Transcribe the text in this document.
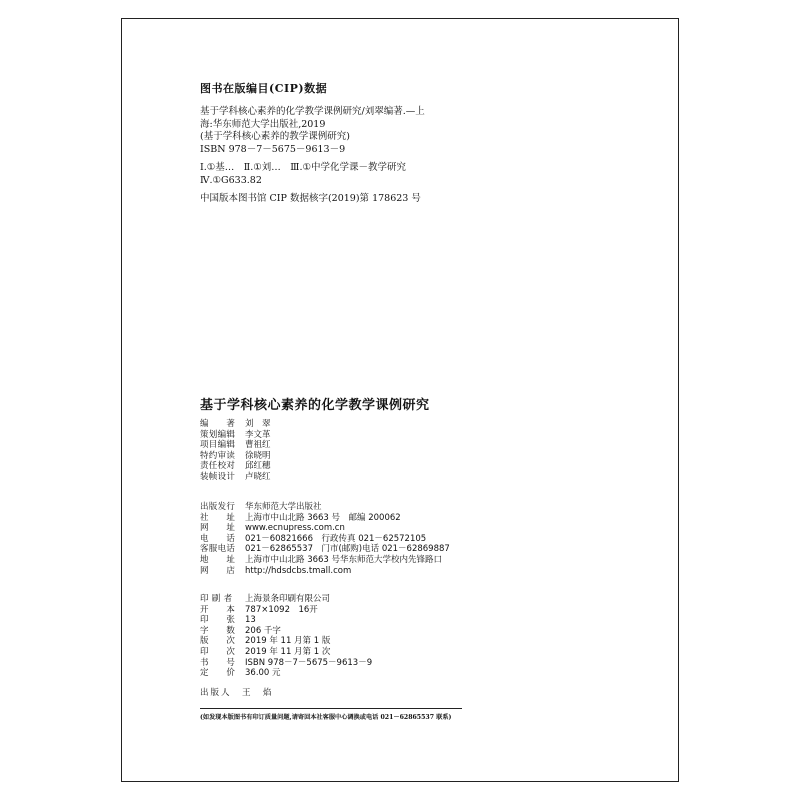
图书在版编目(CIP)数据
基于学科核心素养的化学教学课例研究/刘翠编著.—上
海:华东师范大学出版社,2019
(基于学科核心素养的教学课例研究)
ISBN 978－7－5675－9613－9
Ⅰ.①基…　Ⅱ.①刘…　Ⅲ.①中学化学课－教学研究
Ⅳ.①G633.82
中国版本图书馆 CIP 数据核字(2019)第 178623 号
基于学科核心素养的化学教学课例研究
编　　著	刘　翠
策划编辑	李文革
项目编辑	曹祖红
特约审读	徐晓明
责任校对	邱红穗
装帧设计	卢晓红
出版发行	华东师范大学出版社
社　　址	上海市中山北路 3663 号　邮编 200062
网　　址	www.ecnupress.com.cn
电　　话	021－60821666　行政传真 021－62572105
客服电话	021－62865537　门市(邮购)电话 021－62869887
地　　址	上海市中山北路 3663 号华东师范大学校内先锋路口
网　　店	http://hdsdcbs.tmall.com
印 刷 者	上海景条印刷有限公司
开　　本	787×1092　16开
印　　张	13
字　　数	206 千字
版　　次	2019 年 11 月第 1 版
印　　次	2019 年 11 月第 1 次
书　　号	ISBN 978－7－5675－9613－9
定　　价	36.00 元
出版人　王　焰
(如发现本版图书有印订质量问题,请寄回本社客服中心调换或电话 021－62865537 联系)
